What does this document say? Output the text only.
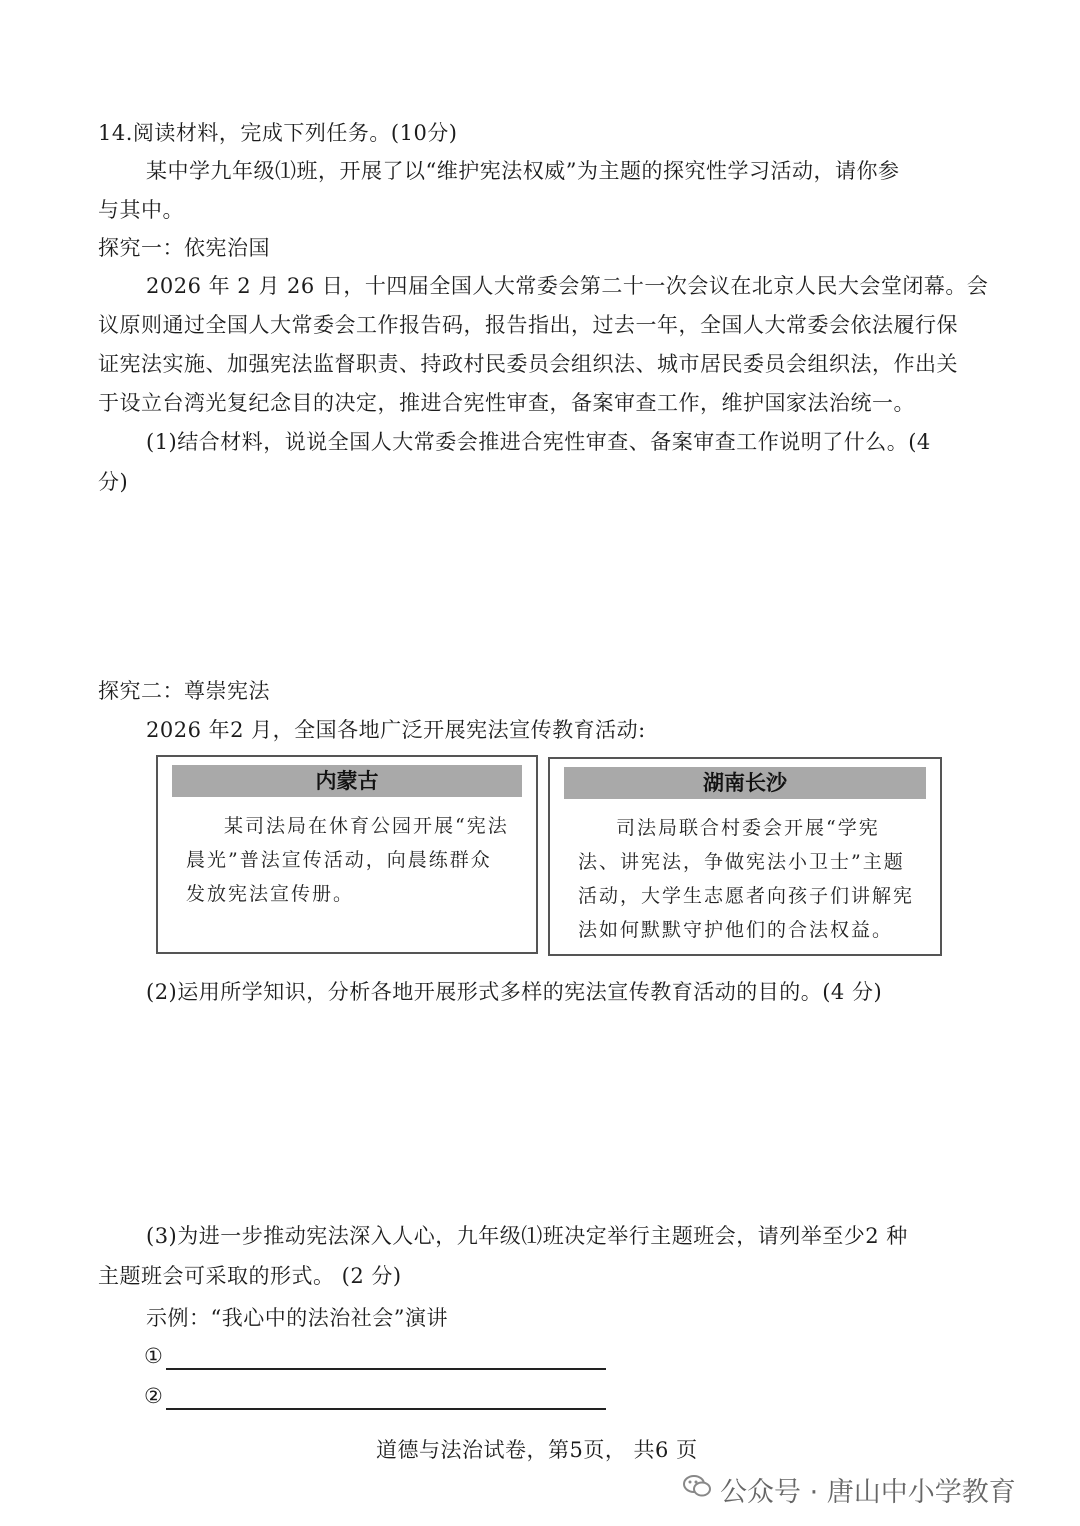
14.阅读材料，完成下列任务。(10分)
某中学九年级⑴班，开展了以“维护宪法权威”为主题的探究性学习活动，请你参
与其中。
探究一：依宪治国
2026 年 2 月 26 日，十四届全国人大常委会第二十一次会议在北京人民大会堂闭幕。会
议原则通过全国人大常委会工作报告码，报告指出，过去一年，全国人大常委会依法履行保
证宪法实施、加强宪法监督职责、持政村民委员会组织法、城市居民委员会组织法，作出关
于设立台湾光复纪念目的决定，推进合宪性审查，备案审查工作，维护国家法治统一。
(1)结合材料，说说全国人大常委会推进合宪性审查、备案审查工作说明了什么。(4
分)
探究二：尊崇宪法
2026 年2 月，全国各地广泛开展宪法宣传教育活动:
内蒙古
某司法局在休育公园开展“宪法晨光”普法宣传活动，向晨练群众发放宪法宣传册。
湖南长沙
司法局联合村委会开展“学宪法、讲宪法，争做宪法小卫士”主题活动，大学生志愿者向孩子们讲解宪法如何默默守护他们的合法权益。
(2)运用所学知识，分析各地开展形式多样的宪法宣传教育活动的目的。(4 分)
(3)为进一步推动宪法深入人心，九年级⑴班决定举行主题班会，请列举至少2 种
主题班会可采取的形式。 (2 分)
示例：“我心中的法治社会”演讲
①
②
道德与法治试卷，第5页， 共6 页
公众号 · 唐山中小学教育
